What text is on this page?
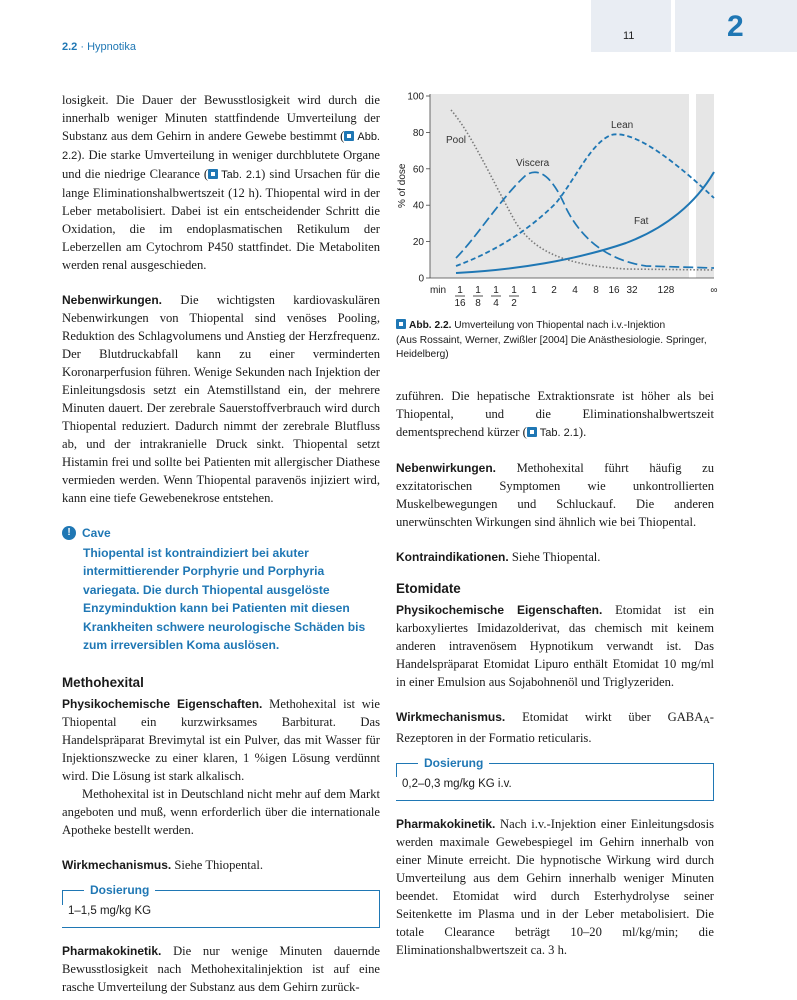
2.2 · Hypnotika
11	2
losigkeit. Die Dauer der Bewusstlosigkeit wird durch die innerhalb weniger Minuten stattfindende Umverteilung der Substanz aus dem Gehirn in andere Gewebe bestimmt ( Abb. 2.2). Die starke Umverteilung in weniger durchblutete Organe und die niedrige Clearance ( Tab. 2.1) sind Ursachen für die lange Eliminationshalbwertszeit (12 h). Thiopental wird in der Leber metabolisiert. Dabei ist ein entscheidender Schritt die Oxidation, die im endoplasmatischen Retikulum der Leberzellen am Cytochrom P450 stattfindet. Die Metaboliten werden renal ausgeschieden.
Nebenwirkungen. Die wichtigsten kardiovaskulären Nebenwirkungen von Thiopental sind venöses Pooling, Reduktion des Schlagvolumens und Anstieg der Herzfrequenz. Der Blutdruckabfall kann zu einer verminderten Koronarperfusion führen. Wenige Sekunden nach Injektion der Einleitungsdosis setzt ein Atemstillstand ein, der mehrere Minuten dauert. Der zerebrale Sauerstoffverbrauch wird durch Thiopental reduziert. Dadurch nimmt der zerebrale Blutfluss ab, und der intrakranielle Druck sinkt. Thiopental setzt Histamin frei und sollte bei Patienten mit allergischer Diathese vermieden werden. Wenn Thiopental paravenös injiziert wird, kann eine tiefe Gewebenekrose entstehen.
! Cave
Thiopental ist kontraindiziert bei akuter intermittierender Porphyrie und Porphyria variegata. Die durch Thiopental ausgelöste Enzyminduktion kann bei Patienten mit diesen Krankheiten schwere neurologische Schäden bis zum irreversiblen Koma auslösen.
Methohexital
Physikochemische Eigenschaften. Methohexital ist wie Thiopental ein kurzwirksames Barbiturat. Das Handelspräparat Brevimytal ist ein Pulver, das mit Wasser für Injektionszwecke zu einer klaren, 1 %igen Lösung verdünnt wird. Die Lösung ist stark alkalisch.
Methohexital ist in Deutschland nicht mehr auf dem Markt angeboten und muß, wenn erforderlich über die internationale Apotheke bestellt werden.
Wirkmechanismus. Siehe Thiopental.
Dosierung
1–1,5 mg/kg KG
Pharmakokinetik. Die nur wenige Minuten dauernde Bewusstlosigkeit nach Methohexitalinjektion ist auf eine rasche Umverteilung der Substanz aus dem Gehirn zurück-
0
20
40
60
80
100
min 1
16
1
8
1
4
1
2
1 2 4 8 16 32 128	∞
% of dose
Pool
Viscera
Lean
Fat
Abb. 2.2. Umverteilung von Thiopental nach i.v.-Injektion
(Aus Rossaint, Werner, Zwißler [2004] Die Anästhesiologie. Springer, Heidelberg)
zuführen. Die hepatische Extraktionsrate ist höher als bei Thiopental, und die Eliminationshalbwertszeit dementsprechend kürzer ( Tab. 2.1).
Nebenwirkungen. Methohexital führt häufig zu exzitatorischen Symptomen wie unkontrollierten Muskelbewegungen und Schluckauf. Die anderen unerwünschten Wirkungen sind ähnlich wie bei Thiopental.
Kontraindikationen. Siehe Thiopental.
Etomidate
Physikochemische Eigenschaften. Etomidat ist ein karboxyliertes Imidazolderivat, das chemisch mit keinem anderen intravenösem Hypnotikum verwandt ist. Das Handelspräparat Etomidat Lipuro enthält Etomidat 10 mg/ml in einer Emulsion aus Sojabohnenöl und Triglyzeriden.
Wirkmechanismus. Etomidat wirkt über $GABA_A$-Rezeptoren in der Formatio reticularis.
Dosierung
0,2–0,3 mg/kg KG i.v.
Pharmakokinetik. Nach i.v.-Injektion einer Einleitungsdosis werden maximale Gewebespiegel im Gehirn innerhalb von einer Minute erreicht. Die hypnotische Wirkung wird durch Umverteilung aus dem Gehirn innerhalb weniger Minuten beendet. Etomidat wird durch Esterhydrolyse seiner Seitenkette im Plasma und in der Leber metabolisiert. Die totale Clearance beträgt 10–20 ml/kg/min; die Eliminationshalbwertszeit ca. 3 h.
